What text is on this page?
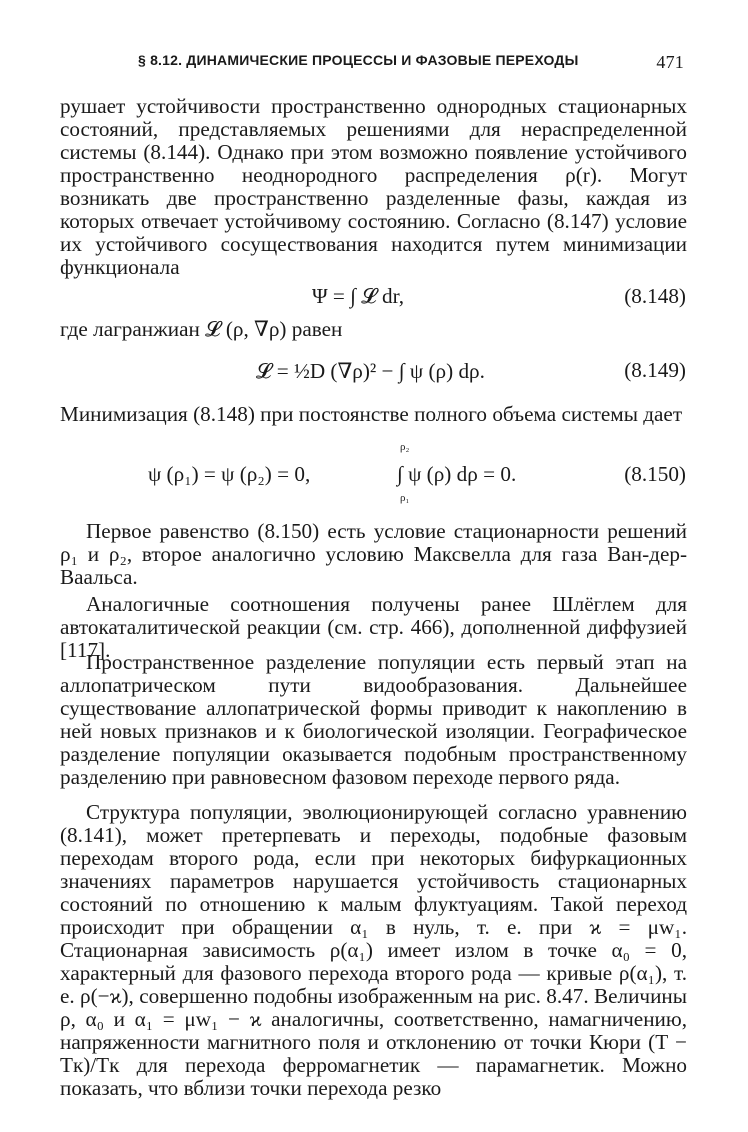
§ 8.12. ДИНАМИЧЕСКИЕ ПРОЦЕССЫ И ФАЗОВЫЕ ПЕРЕХОДЫ	471

рушает устойчивости пространственно однородных стационарных состояний, представляемых решениями для нераспределенной системы (8.144). Однако при этом возможно появление устойчивого пространственно неоднородного распределения ρ(r). Могут возникать две пространственно разделенные фазы, каждая из которых отвечает устойчивому состоянию. Согласно (8.147) условие их устойчивого сосуществования находится путем минимизации функционала

Ψ = ∫ 𝓛 dr,	(8.148)

где лагранжиан 𝓛 (ρ, ∇ρ) равен

𝓛 = ½D (∇ρ)² − ∫ ψ (ρ) dρ.	(8.149)

Минимизация (8.148) при постоянстве полного объема системы дает

ψ (ρ₁) = ψ (ρ₂) = 0,
ρ₂
∫ ψ (ρ) dρ = 0.
ρ₁
(8.150)

Первое равенство (8.150) есть условие стационарности решений ρ₁ и ρ₂, второе аналогично условию Максвелла для газа Ван-дер-Ваальса.

Аналогичные соотношения получены ранее Шлёглем для автокаталитической реакции (см. стр. 466), дополненной диффузией [117].

Пространственное разделение популяции есть первый этап на аллопатрическом пути видообразования. Дальнейшее существование аллопатрической формы приводит к накоплению в ней новых признаков и к биологической изоляции. Географическое разделение популяции оказывается подобным пространственному разделению при равновесном фазовом переходе первого ряда.

Структура популяции, эволюционирующей согласно уравнению (8.141), может претерпевать и переходы, подобные фазовым переходам второго рода, если при некоторых бифуркационных значениях параметров нарушается устойчивость стационарных состояний по отношению к малым флуктуациям. Такой переход происходит при обращении α₁ в нуль, т. е. при ϰ = μw₁. Стационарная зависимость ρ(α₁) имеет излом в точке α₀ = 0, характерный для фазового перехода второго рода — кривые ρ(α₁), т. е. ρ(−ϰ), совершенно подобны изображенным на рис. 8.47. Величины ρ, α₀ и α₁ = μw₁ − ϰ аналогичны, соответственно, намагничению, напряженности магнитного поля и отклонению от точки Кюри (T − Tк)/Tк для перехода ферромагнетик — парамагнетик. Можно показать, что вблизи точки перехода резко
